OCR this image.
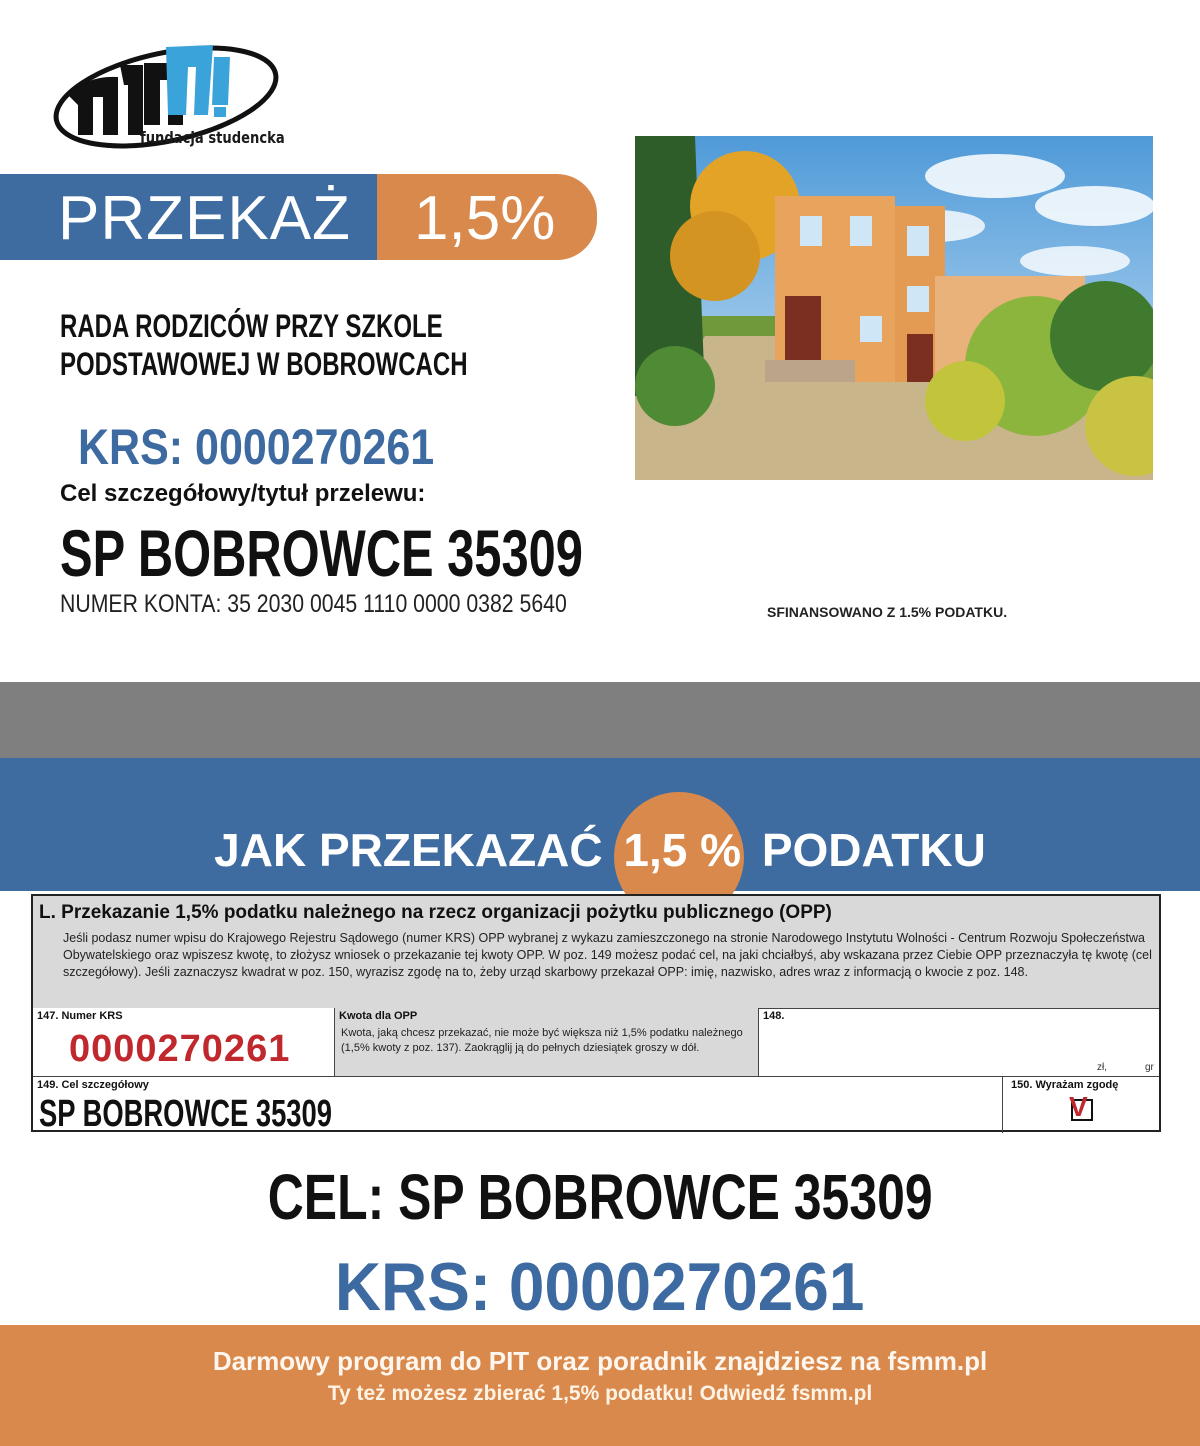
fundacja studencka
PRZEKAŻ 1,5%
RADA RODZICÓW PRZY SZKOLE PODSTAWOWEJ W BOBROWCACH
KRS: 0000270261
Cel szczegółowy/tytuł przelewu:
SP BOBROWCE 35309
NUMER KONTA: 35 2030 0045 1110 0000 0382 5640	SFINANSOWANO Z 1.5% PODATKU.
JAK PRZEKAZAĆ 1,5 % PODATKU
L. Przekazanie 1,5% podatku należnego na rzecz organizacji pożytku publicznego (OPP)
Jeśli podasz numer wpisu do Krajowego Rejestru Sądowego (numer KRS) OPP wybranej z wykazu zamieszczonego na stronie Narodowego Instytutu Wolności - Centrum Rozwoju Społeczeństwa Obywatelskiego oraz wpiszesz kwotę, to złożysz wniosek o przekazanie tej kwoty OPP. W poz. 149 możesz podać cel, na jaki chciałbyś, aby wskazana przez Ciebie OPP przeznaczyła tę kwotę (cel szczegółowy). Jeśli zaznaczysz kwadrat w poz. 150, wyrazisz zgodę na to, żeby urząd skarbowy przekazał OPP: imię, nazwisko, adres wraz z informacją o kwocie z poz. 148.
147. Numer KRS
0000270261
Kwota dla OPP
Kwota, jaką chcesz przekazać, nie może być większa niż 1,5% podatku należnego (1,5% kwoty z poz. 137). Zaokrąglij ją do pełnych dziesiątek groszy w dół.
148.
zł,	gr
149. Cel szczegółowy
SP BOBROWCE 35309
150. Wyrażam zgodę
V
CEL: SP BOBROWCE 35309
KRS: 0000270261
Darmowy program do PIT oraz poradnik znajdziesz na fsmm.pl
Ty też możesz zbierać 1,5% podatku! Odwiedź fsmm.pl
